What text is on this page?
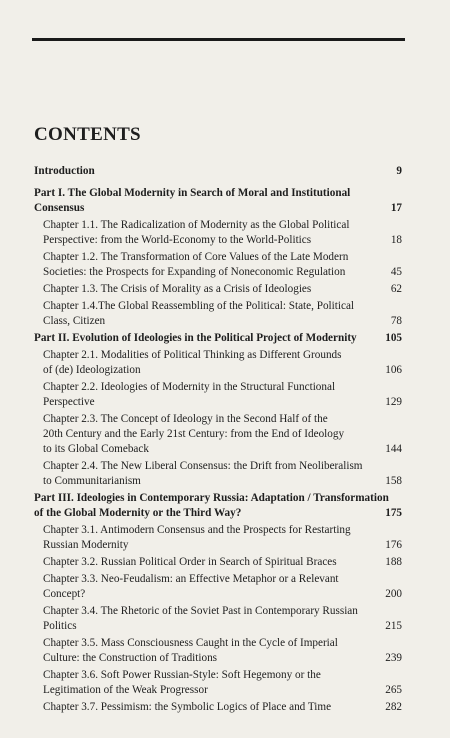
CONTENTS
Introduction	9
Part I. The Global Modernity in Search of Moral and Institutional
Consensus	17
Chapter 1.1. The Radicalization of Modernity as the Global Political
Perspective: from the World-Economy to the World-Politics	18
Chapter 1.2. The Transformation of Core Values of the Late Modern
Societies: the Prospects for Expanding of Noneconomic Regulation	45
Chapter 1.3. The Crisis of Morality as a Crisis of Ideologies	62
Chapter 1.4.The Global Reassembling of the Political: State, Political
Class, Citizen	78
Part II. Evolution of Ideologies in the Political Project of Modernity	105
Chapter 2.1. Modalities of Political Thinking as Different Grounds
of (de) Ideologization	106
Chapter 2.2. Ideologies of Modernity in the Structural Functional
Perspective	129
Chapter 2.3. The Concept of Ideology in the Second Half of the
20th Century and the Early 21st Century: from the End of Ideology
to its Global Comeback	144
Chapter 2.4. The New Liberal Consensus: the Drift from Neoliberalism
to Communitarianism	158
Part III. Ideologies in Contemporary Russia: Adaptation / Transformation
of the Global Modernity or the Third Way?	175
Chapter 3.1. Antimodern Consensus and the Prospects for Restarting
Russian Modernity	176
Chapter 3.2. Russian Political Order in Search of Spiritual Braces	188
Chapter 3.3. Neo-Feudalism: an Effective Metaphor or a Relevant
Concept?	200
Chapter 3.4. The Rhetoric of the Soviet Past in Contemporary Russian
Politics	215
Chapter 3.5. Mass Consciousness Caught in the Cycle of Imperial
Culture: the Construction of Traditions	239
Chapter 3.6. Soft Power Russian-Style: Soft Hegemony or the
Legitimation of the Weak Progressor	265
Chapter 3.7. Pessimism: the Symbolic Logics of Place and Time	282
